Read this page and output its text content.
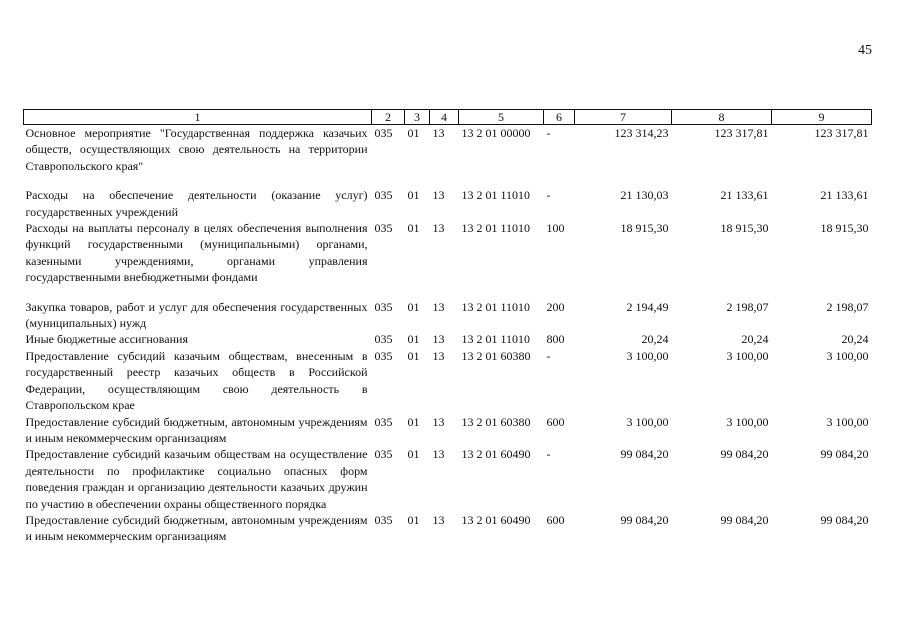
45
1	2	3	4	5	6	7	8	9
Основное мероприятие "Государственная поддержка казачьих обществ, осуществляющих свою деятельность на территории Ставропольского края"	035	01	13	13 2 01 00000	-	123 314,23	123 317,81	123 317,81
Расходы на обеспечение деятельности (оказание услуг) государственных учреждений	035	01	13	13 2 01 11010	-	21 130,03	21 133,61	21 133,61
Расходы на выплаты персоналу в целях обеспечения выполнения функций государственными (муниципальными) органами, казенными учреждениями, органами управления государственными внебюджетными фондами	035	01	13	13 2 01 11010	100	18 915,30	18 915,30	18 915,30
Закупка товаров, работ и услуг для обеспечения государственных (муниципальных) нужд	035	01	13	13 2 01 11010	200	2 194,49	2 198,07	2 198,07
Иные бюджетные ассигнования	035	01	13	13 2 01 11010	800	20,24	20,24	20,24
Предоставление субсидий казачьим обществам, внесенным в государственный реестр казачьих обществ в Российской Федерации, осуществляющим свою деятельность в Ставропольском крае	035	01	13	13 2 01 60380	-	3 100,00	3 100,00	3 100,00
Предоставление субсидий бюджетным, автономным учреждениям и иным некоммерческим организациям	035	01	13	13 2 01 60380	600	3 100,00	3 100,00	3 100,00
Предоставление субсидий казачьим обществам на осуществление деятельности по профилактике социально опасных форм поведения граждан и организацию деятельности казачьих дружин по участию в обеспечении охраны общественного порядка	035	01	13	13 2 01 60490	-	99 084,20	99 084,20	99 084,20
Предоставление субсидий бюджетным, автономным учреждениям и иным некоммерческим организациям	035	01	13	13 2 01 60490	600	99 084,20	99 084,20	99 084,20
